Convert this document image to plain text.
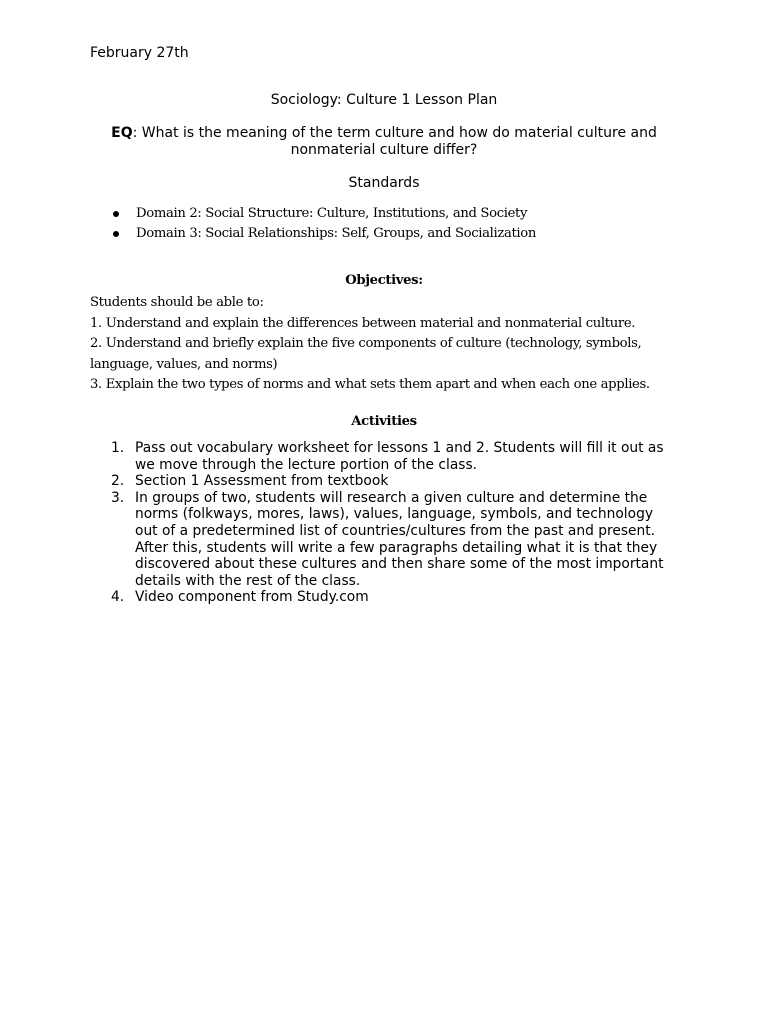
February 27th
Sociology: Culture 1 Lesson Plan
EQ: What is the meaning of the term culture and how do material culture and
nonmaterial culture differ?
Standards
Domain 2: Social Structure: Culture, Institutions, and Society
Domain 3: Social Relationships: Self, Groups, and Socialization
Objectives:
Students should be able to:
1. Understand and explain the differences between material and nonmaterial culture.
2. Understand and briefly explain the five components of culture (technology, symbols,
language, values, and norms)
3. Explain the two types of norms and what sets them apart and when each one applies.
Activities
1. Pass out vocabulary worksheet for lessons 1 and 2. Students will fill it out as
we move through the lecture portion of the class.
2. Section 1 Assessment from textbook
3. In groups of two, students will research a given culture and determine the
norms (folkways, mores, laws), values, language, symbols, and technology
out of a predetermined list of countries/cultures from the past and present.
After this, students will write a few paragraphs detailing what it is that they
discovered about these cultures and then share some of the most important
details with the rest of the class.
4. Video component from Study.com
